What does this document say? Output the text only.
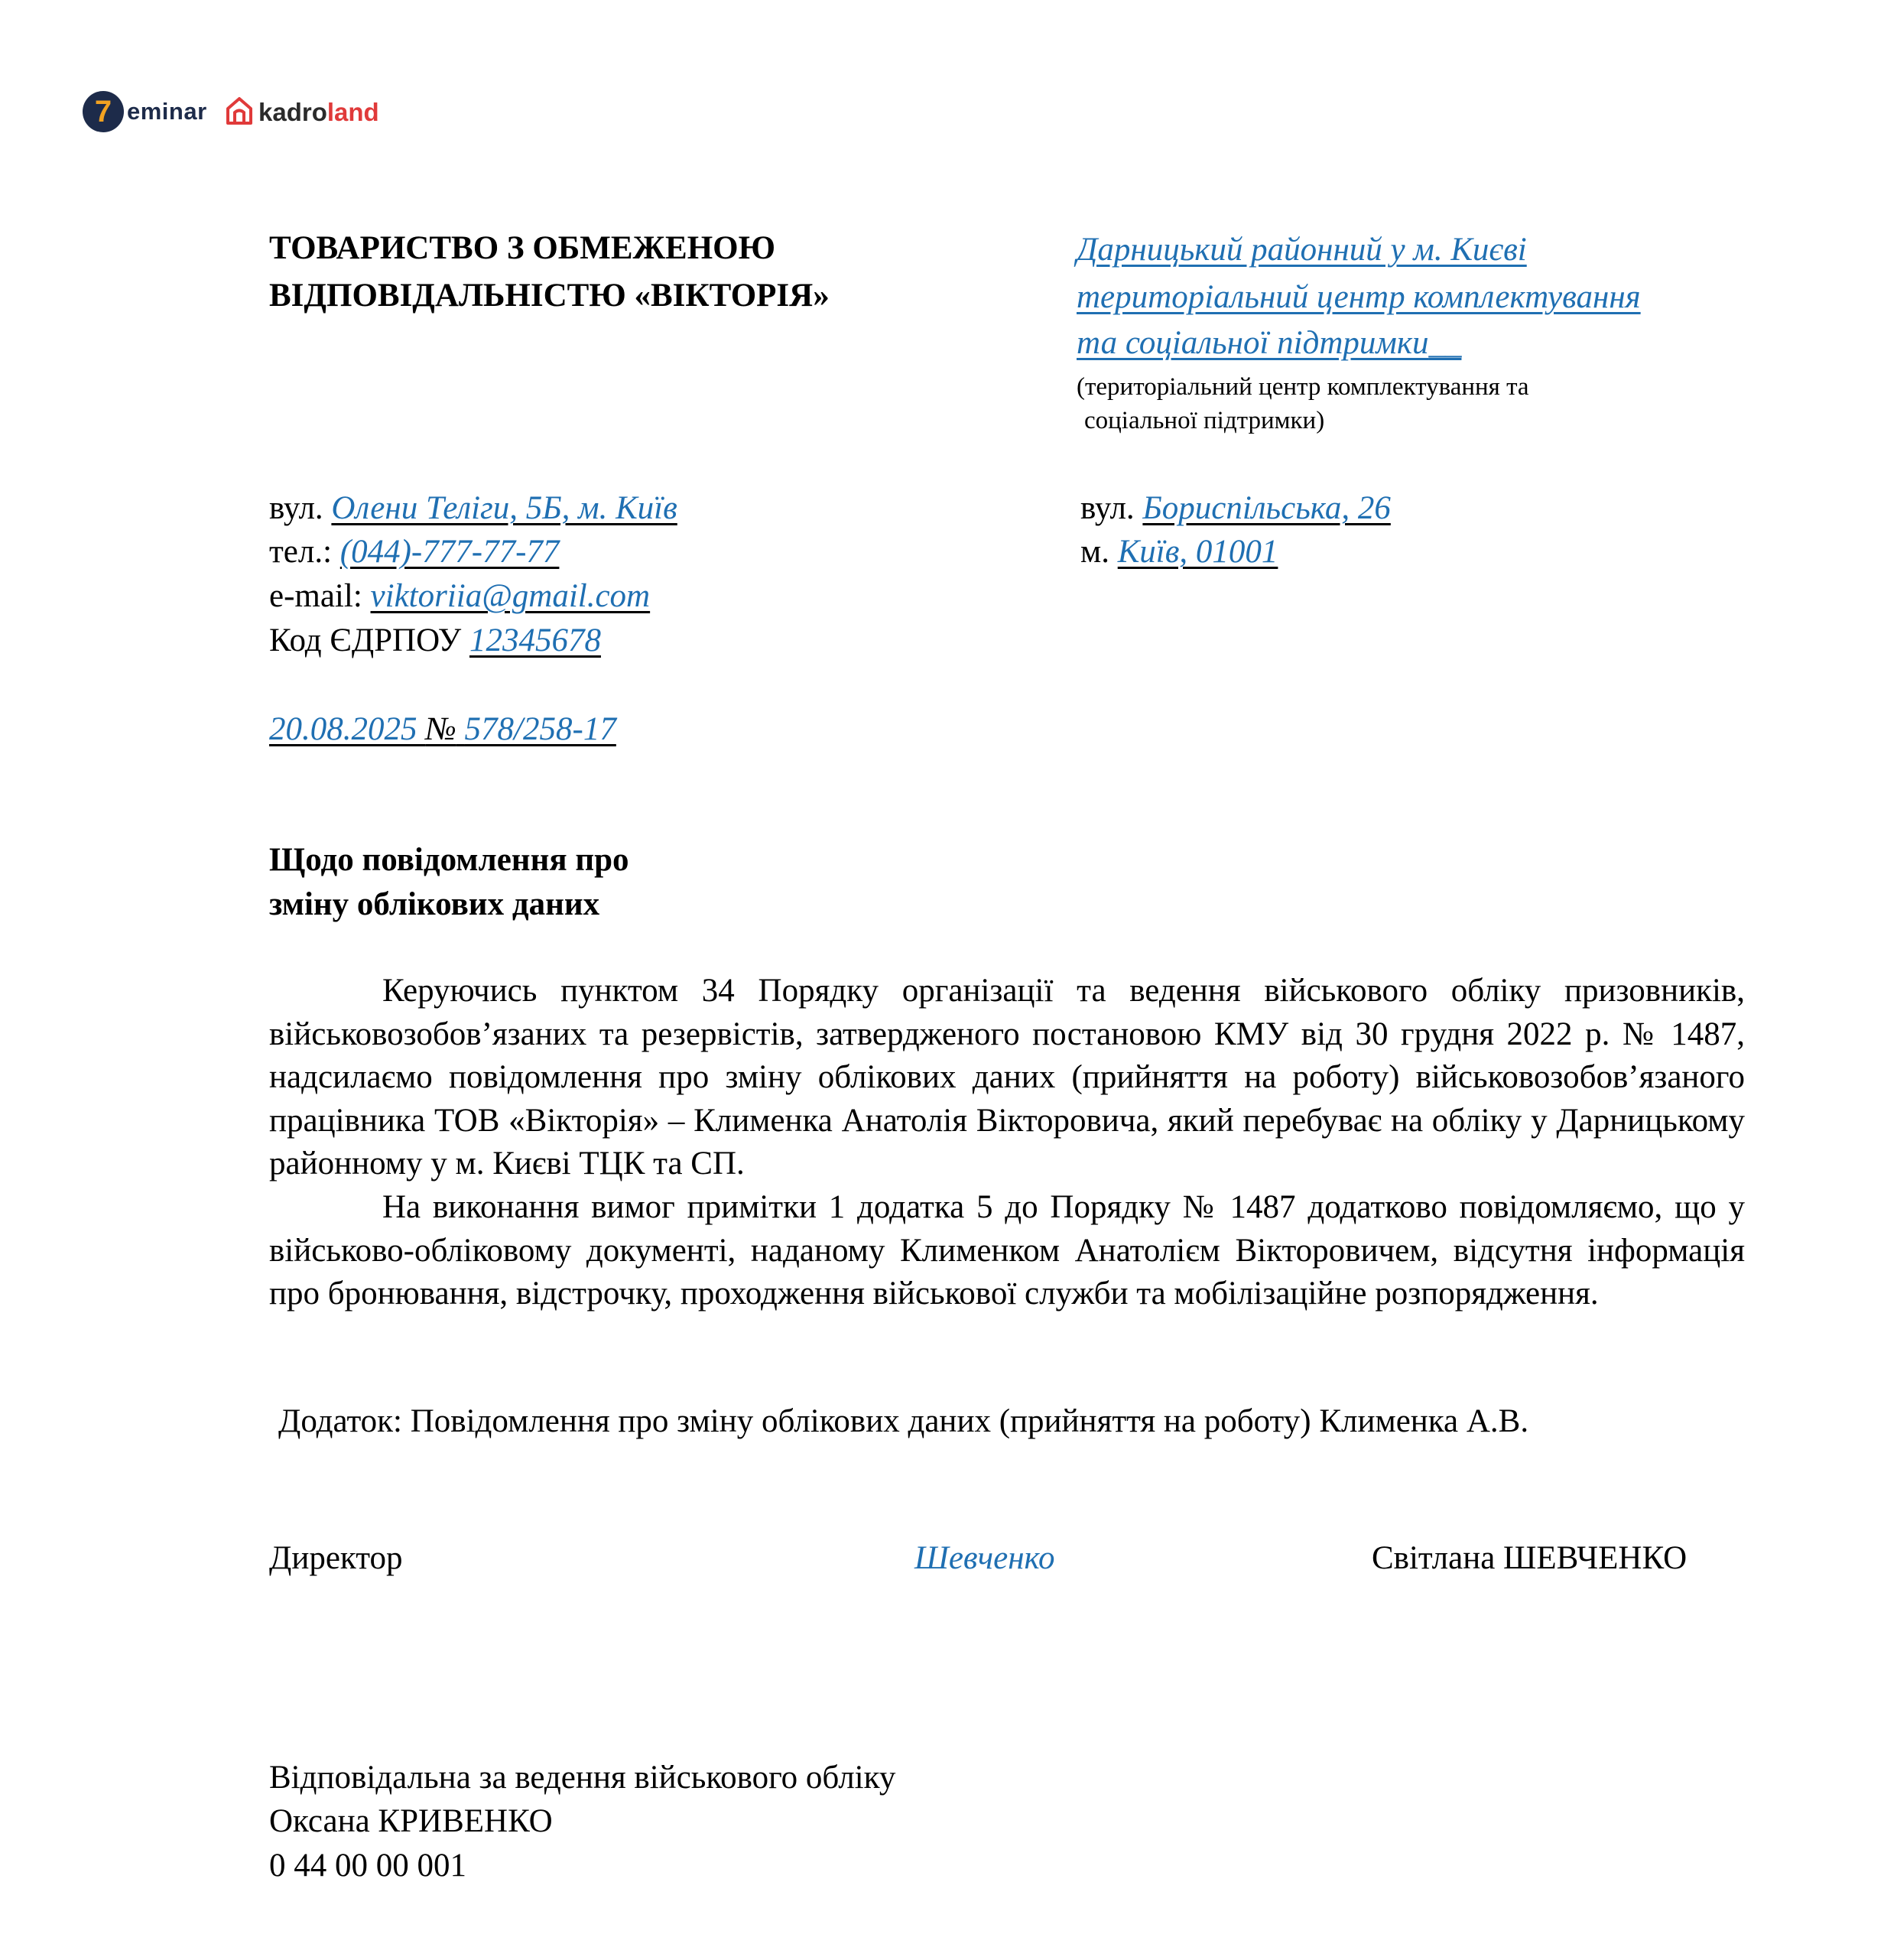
7 eminar kadroland
ТОВАРИСТВО З ОБМЕЖЕНОЮ
ВІДПОВІДАЛЬНІСТЮ «ВІКТОРІЯ»
Дарницький районний у м. Києві
територіальний центр комплектування
та соціальної підтримки__
(територіальний центр комплектування та
соціальної підтримки)
вул. Олени Теліги, 5Б, м. Київ
тел.: (044)-777-77-77
e-mail: viktoriia@gmail.com
Код ЄДРПОУ 12345678
вул. Бориспільська, 26
м. Київ, 01001
20.08.2025 № 578/258-17
Щодо повідомлення про
зміну облікових даних
Керуючись пунктом 34 Порядку організації та ведення військового обліку призовників, військовозобов’язаних та резервістів, затвердженого постановою КМУ від 30 грудня 2022 р. № 1487, надсилаємо повідомлення про зміну облікових даних (прийняття на роботу) військовозобов’язаного працівника ТОВ «Вікторія» – Клименка Анатолія Вікторовича, який перебуває на обліку у Дарницькому районному у м. Києві ТЦК та СП.
На виконання вимог примітки 1 додатка 5 до Порядку № 1487 додатково повідомляємо, що у військово-обліковому документі, наданому Клименком Анатолієм Вікторовичем, відсутня інформація про бронювання, відстрочку, проходження військової служби та мобілізаційне розпорядження.
Додаток: Повідомлення про зміну облікових даних (прийняття на роботу) Клименка А.В.
Директор	Шевченко	Світлана ШЕВЧЕНКО
Відповідальна за ведення військового обліку
Оксана КРИВЕНКО
0 44 00 00 001
